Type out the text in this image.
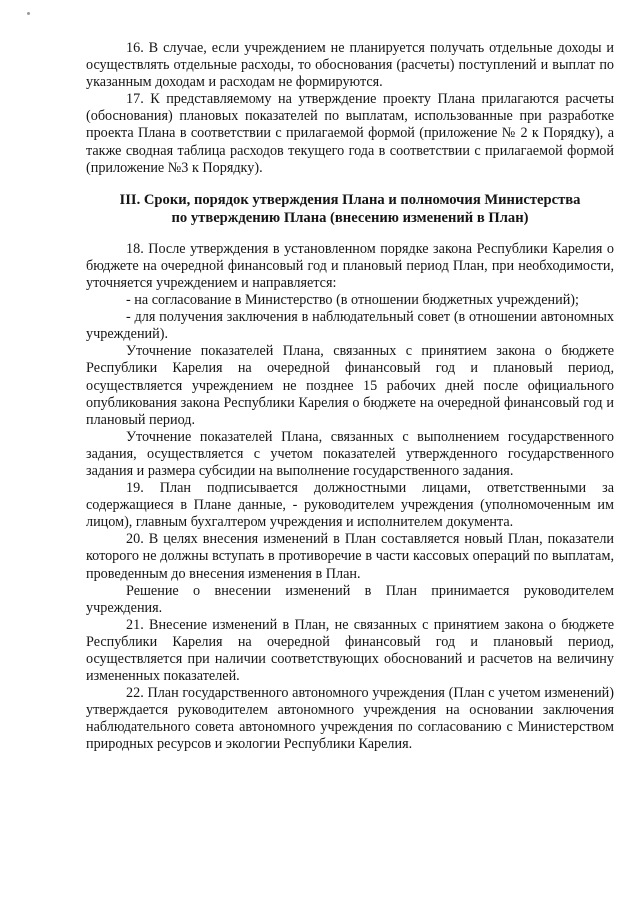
16. В случае, если учреждением не планируется получать отдельные доходы и осуществлять отдельные расходы, то обоснования (расчеты) поступлений и выплат по указанным доходам и расходам не формируются.

17. К представляемому на утверждение проекту Плана прилагаются расчеты (обоснования) плановых показателей по выплатам, использованные при разработке проекта Плана в соответствии с прилагаемой формой (приложение № 2 к Порядку), а также сводная таблица расходов текущего года в соответствии с прилагаемой формой (приложение №3 к Порядку).

III. Сроки, порядок утверждения Плана и полномочия Министерства
по утверждению Плана (внесению изменений в План)

18. После утверждения в установленном порядке закона Республики Карелия о бюджете на очередной финансовый год и плановый период План, при необходимости, уточняется учреждением и направляется:

- на согласование в Министерство (в отношении бюджетных учреждений);

- для получения заключения в наблюдательный совет (в отношении автономных учреждений).

Уточнение показателей Плана, связанных с принятием закона о бюджете Республики Карелия на очередной финансовый год и плановый период, осуществляется учреждением не позднее 15 рабочих дней после официального опубликования закона Республики Карелия о бюджете на очередной финансовый год и плановый период.

Уточнение показателей Плана, связанных с выполнением государственного задания, осуществляется с учетом показателей утвержденного государственного задания и размера субсидии на выполнение государственного задания.

19. План подписывается должностными лицами, ответственными за содержащиеся в Плане данные, - руководителем учреждения (уполномоченным им лицом), главным бухгалтером учреждения и исполнителем документа.

20. В целях внесения изменений в План составляется новый План, показатели которого не должны вступать в противоречие в части кассовых операций по выплатам, проведенным до внесения изменения в План.

Решение о внесении изменений в План принимается руководителем учреждения.

21. Внесение изменений в План, не связанных с принятием закона о бюджете Республики Карелия на очередной финансовый год и плановый период, осуществляется при наличии соответствующих обоснований и расчетов на величину измененных показателей.

22. План государственного автономного учреждения (План с учетом изменений) утверждается руководителем автономного учреждения на основании заключения наблюдательного совета автономного учреждения по согласованию с Министерством природных ресурсов и экологии Республики Карелия.
